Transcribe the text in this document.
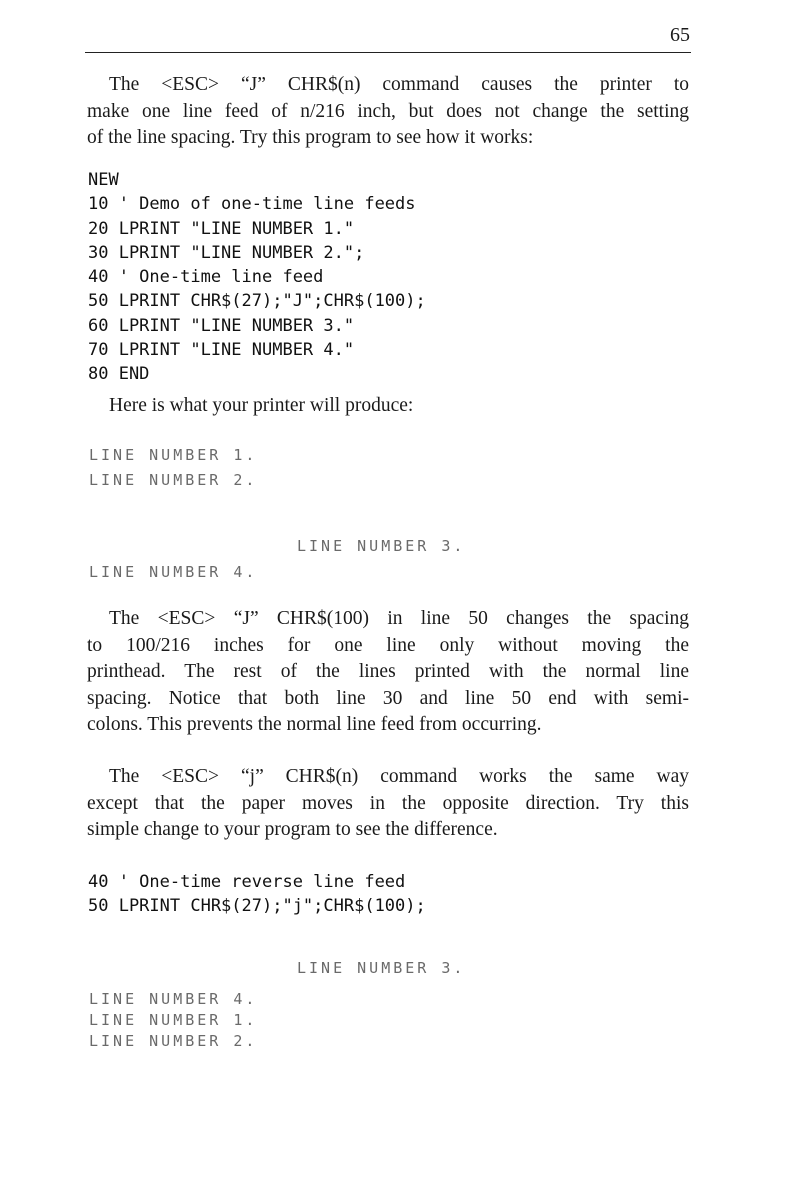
65

The <ESC> “J” CHR$(n) command causes the printer to
make one line feed of n/216 inch, but does not change the setting
of the line spacing. Try this program to see how it works:

NEW
10 ' Demo of one-time line feeds
20 LPRINT "LINE NUMBER 1."
30 LPRINT "LINE NUMBER 2.";
40 ' One-time line feed
50 LPRINT CHR$(27);"J";CHR$(100);
60 LPRINT "LINE NUMBER 3."
70 LPRINT "LINE NUMBER 4."
80 END

Here is what your printer will produce:

LINE NUMBER 1.
LINE NUMBER 2.
LINE NUMBER 3.
LINE NUMBER 4.

The <ESC> “J” CHR$(100) in line 50 changes the spacing
to 100/216 inches for one line only without moving the
printhead. The rest of the lines printed with the normal line
spacing. Notice that both line 30 and line 50 end with semi-
colons. This prevents the normal line feed from occurring.

The <ESC> “j” CHR$(n) command works the same way
except that the paper moves in the opposite direction. Try this
simple change to your program to see the difference.

40 ' One-time reverse line feed
50 LPRINT CHR$(27);"j";CHR$(100);
LINE NUMBER 3.
LINE NUMBER 4.
LINE NUMBER 1.
LINE NUMBER 2.
